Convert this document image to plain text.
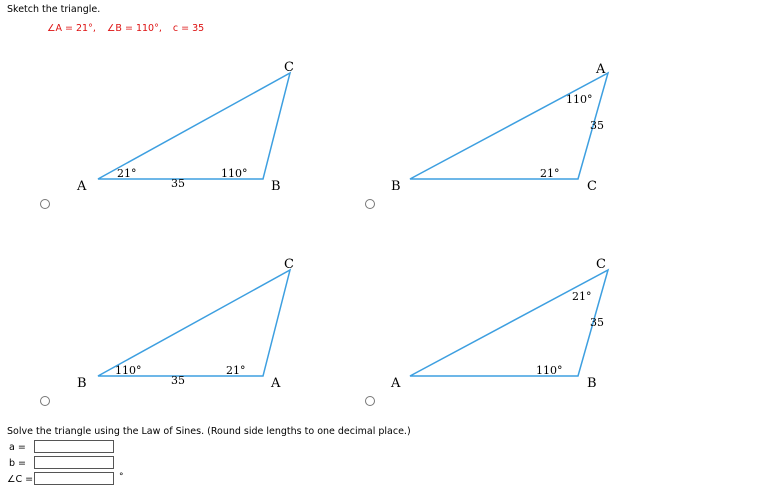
Sketch the triangle.
∠A = 21°, ∠B = 110°, c = 35
A	B
C
21°	110°
35	B	C
A
21°
110°
35
B	A
C
110°	21°
35	A	B
C
21°
110°
35
Solve the triangle using the Law of Sines. (Round side lengths to one decimal place.)
a =
b =
∠C =	°
